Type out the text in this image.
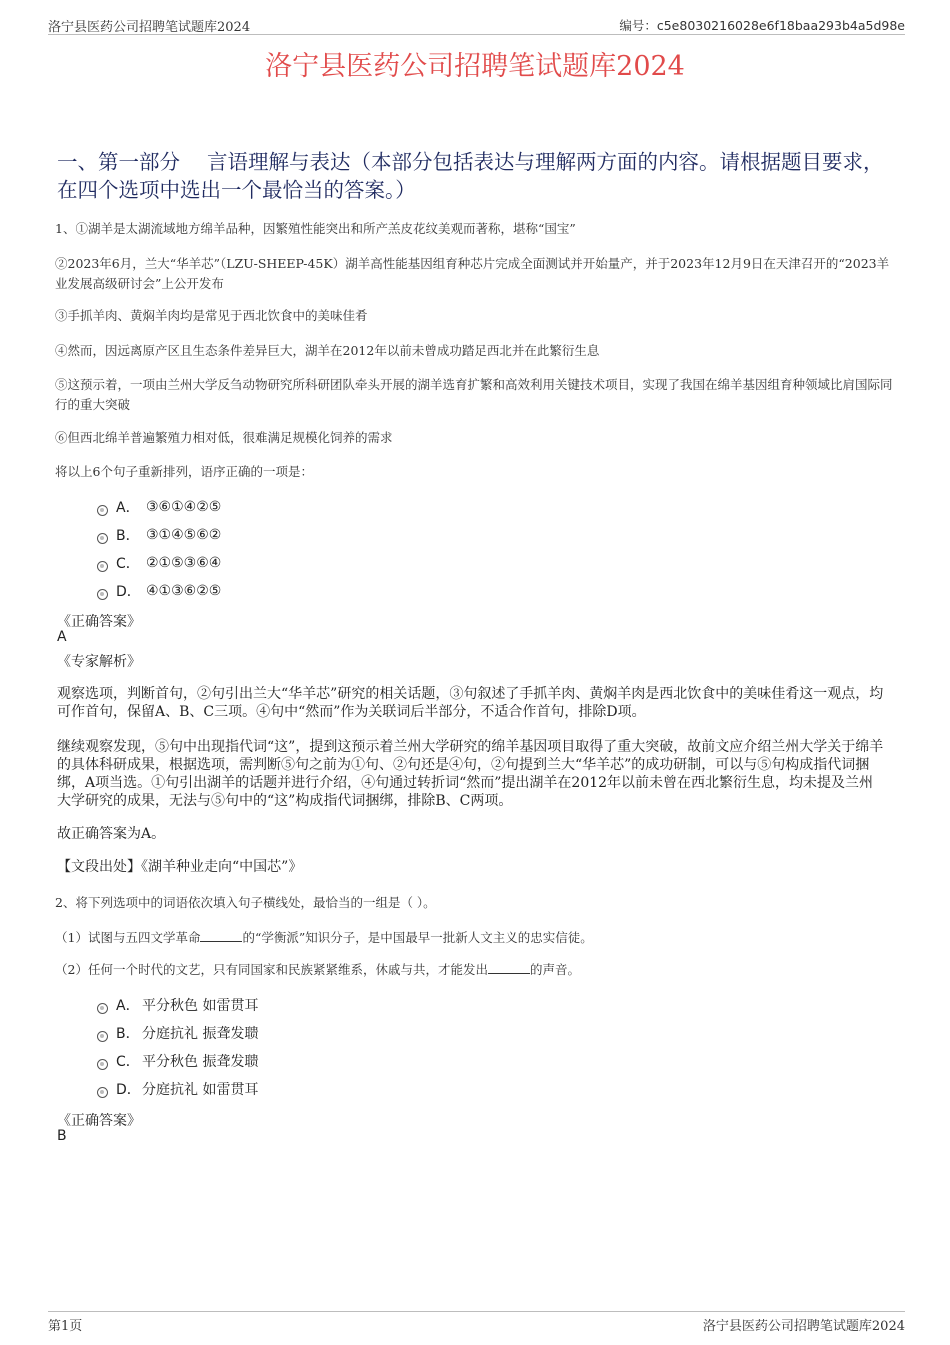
洛宁县医药公司招聘笔试题库2024	编号：c5e8030216028e6f18baa293b4a5d98e
洛宁县医药公司招聘笔试题库2024
一、第一部分　 言语理解与表达（本部分包括表达与理解两方面的内容。请根据题目要求，在四个选项中选出一个最恰当的答案。）
1、①湖羊是太湖流域地方绵羊品种，因繁殖性能突出和所产羔皮花纹美观而著称，堪称“国宝”
②2023年6月，兰大“华羊芯”（LZU-SHEEP-45K）湖羊高性能基因组育种芯片完成全面测试并开始量产，并于2023年12月9日在天津召开的“2023羊业发展高级研讨会”上公开发布
③手抓羊肉、黄焖羊肉均是常见于西北饮食中的美味佳肴
④然而，因远离原产区且生态条件差异巨大，湖羊在2012年以前未曾成功踏足西北并在此繁衍生息
⑤这预示着，一项由兰州大学反刍动物研究所科研团队牵头开展的湖羊选育扩繁和高效利用关键技术项目，实现了我国在绵羊基因组育种领域比肩国际同行的重大突破
⑥但西北绵羊普遍繁殖力相对低，很难满足规模化饲养的需求
将以上6个句子重新排列，语序正确的一项是：
A． ③⑥①④②⑤
B． ③①④⑤⑥②
C． ②①⑤③⑥④
D． ④①③⑥②⑤
《正确答案》
A
《专家解析》
观察选项，判断首句，②句引出兰大“华羊芯”研究的相关话题，③句叙述了手抓羊肉、黄焖羊肉是西北饮食中的美味佳肴这一观点，均可作首句，保留A、B、C三项。④句中“然而”作为关联词后半部分，不适合作首句，排除D项。
继续观察发现，⑤句中出现指代词“这”，提到这预示着兰州大学研究的绵羊基因项目取得了重大突破，故前文应介绍兰州大学关于绵羊的具体科研成果，根据选项，需判断⑤句之前为①句、②句还是④句，②句提到兰大“华羊芯”的成功研制，可以与⑤句构成指代词捆绑，A项当选。①句引出湖羊的话题并进行介绍，④句通过转折词“然而”提出湖羊在2012年以前未曾在西北繁衍生息，均未提及兰州大学研究的成果，无法与⑤句中的“这”构成指代词捆绑，排除B、C两项。
故正确答案为A。
【文段出处】《湖羊种业走向“中国芯”》
2、将下列选项中的词语依次填入句子横线处，最恰当的一组是（ ）。
（1）试图与五四文学革命	的“学衡派”知识分子，是中国最早一批新人文主义的忠实信徒。
（2）任何一个时代的文艺，只有同国家和民族紧紧维系，休戚与共，才能发出	的声音。
A． 平分秋色 如雷贯耳
B． 分庭抗礼 振聋发聩
C． 平分秋色 振聋发聩
D． 分庭抗礼 如雷贯耳
《正确答案》
B
第1页	洛宁县医药公司招聘笔试题库2024
